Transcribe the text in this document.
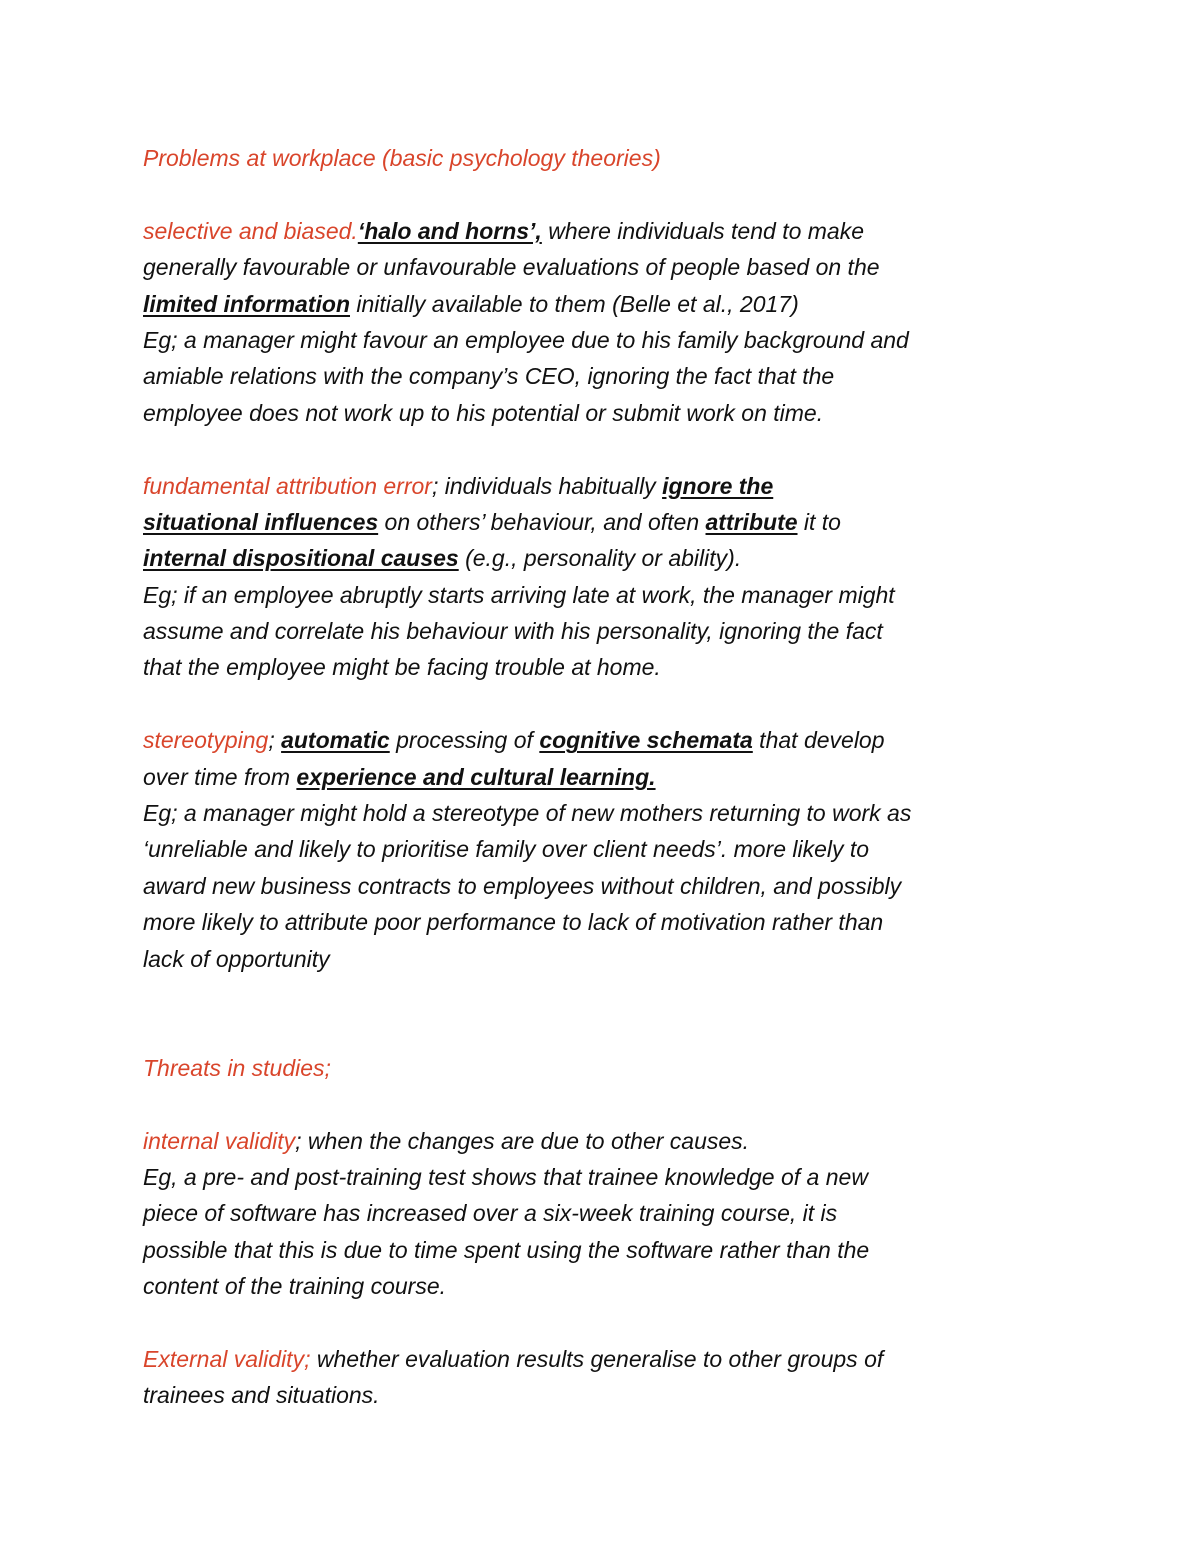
Problems at workplace (basic psychology theories)
selective and biased.‘halo and horns’, where individuals tend to make
generally favourable or unfavourable evaluations of people based on the
limited information initially available to them (Belle et al., 2017)
Eg; a manager might favour an employee due to his family background and
amiable relations with the company’s CEO, ignoring the fact that the
employee does not work up to his potential or submit work on time.
fundamental attribution error; individuals habitually ignore the
situational influences on others’ behaviour, and often attribute it to
internal dispositional causes (e.g., personality or ability).
Eg; if an employee abruptly starts arriving late at work, the manager might
assume and correlate his behaviour with his personality, ignoring the fact
that the employee might be facing trouble at home.
stereotyping; automatic processing of cognitive schemata that develop
over time from experience and cultural learning.
Eg; a manager might hold a stereotype of new mothers returning to work as
‘unreliable and likely to prioritise family over client needs’. more likely to
award new business contracts to employees without children, and possibly
more likely to attribute poor performance to lack of motivation rather than
lack of opportunity
Threats in studies;
internal validity; when the changes are due to other causes.
Eg, a pre- and post-training test shows that trainee knowledge of a new
piece of software has increased over a six-week training course, it is
possible that this is due to time spent using the software rather than the
content of the training course.
External validity; whether evaluation results generalise to other groups of
trainees and situations.
